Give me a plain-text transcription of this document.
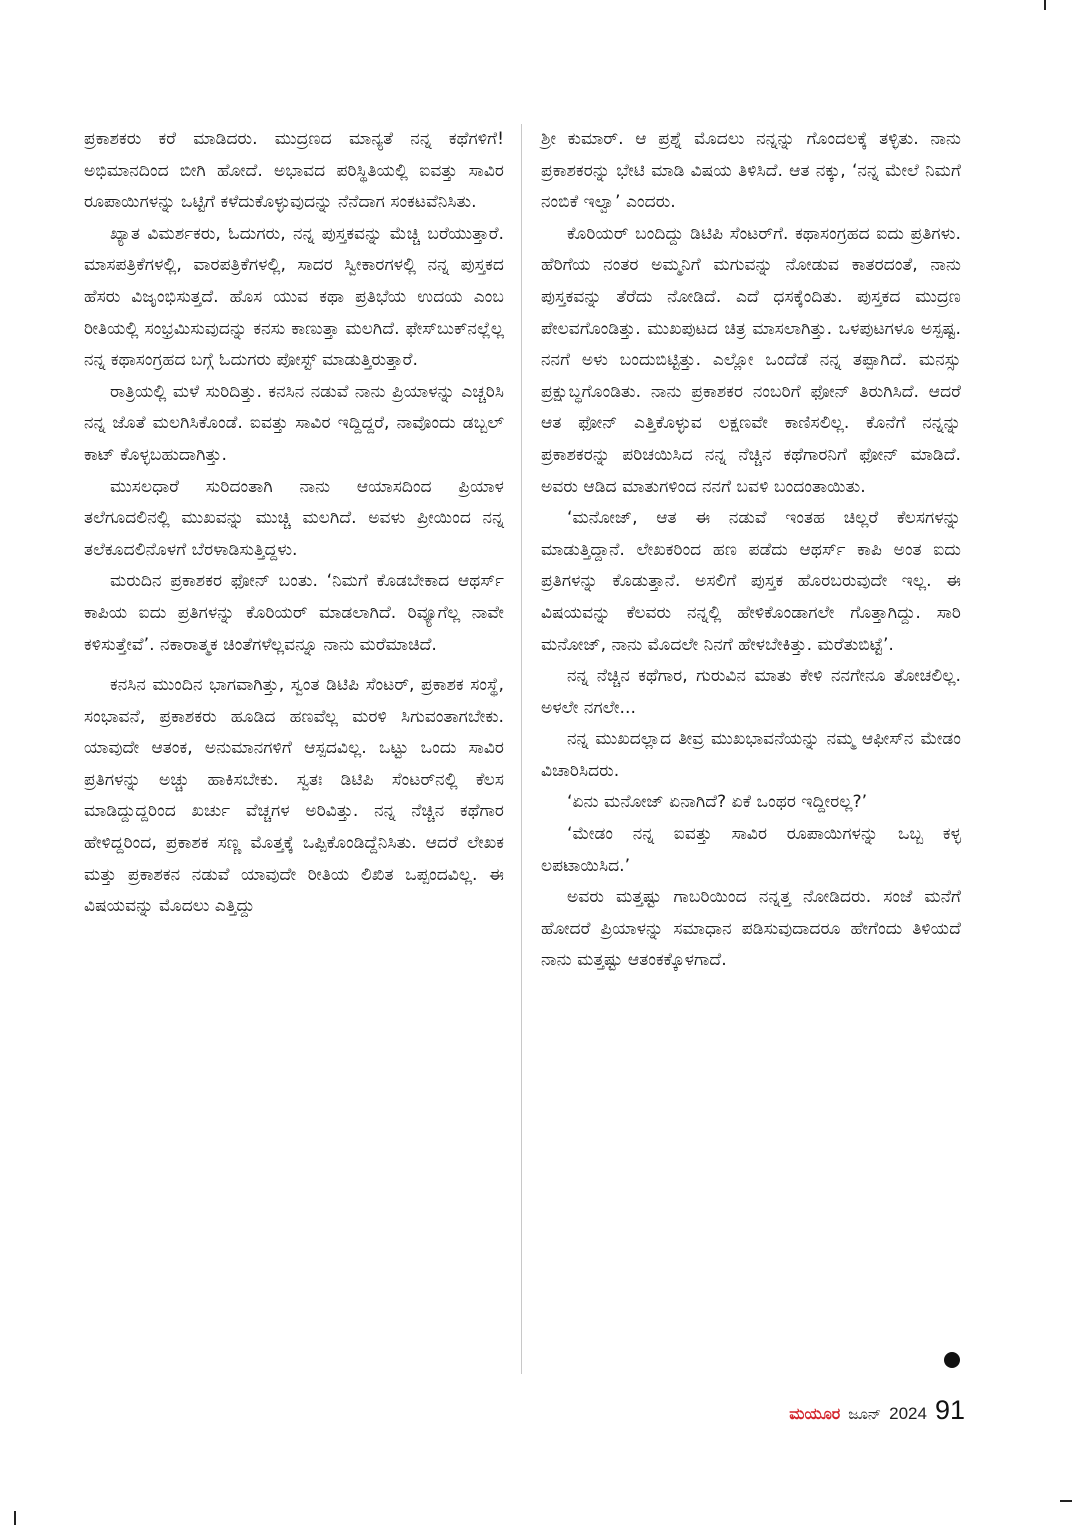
ಪ್ರಕಾಶಕರು ಕರೆ ಮಾಡಿದರು. ಮುದ್ರಣದ ಮಾನ್ಯತೆ ನನ್ನ ಕಥೆಗಳಿಗೆ! ಅಭಿಮಾನದಿಂದ ಬೀಗಿ ಹೋದೆ. ಅಭಾವದ ಪರಿಸ್ಥಿತಿಯಲ್ಲಿ ಐವತ್ತು ಸಾವಿರ ರೂಪಾಯಿಗಳನ್ನು ಒಟ್ಟಿಗೆ ಕಳೆದುಕೊಳ್ಳುವುದನ್ನು ನೆನೆದಾಗ ಸಂಕಟವೆನಿಸಿತು.

ಖ್ಯಾತ ವಿಮರ್ಶಕರು, ಓದುಗರು, ನನ್ನ ಪುಸ್ತಕವನ್ನು ಮೆಚ್ಚಿ ಬರೆಯುತ್ತಾರೆ. ಮಾಸಪತ್ರಿಕೆಗಳಲ್ಲಿ, ವಾರಪತ್ರಿಕೆಗಳಲ್ಲಿ, ಸಾದರ ಸ್ವೀಕಾರಗಳಲ್ಲಿ ನನ್ನ ಪುಸ್ತಕದ ಹೆಸರು ವಿಜೃಂಭಿಸುತ್ತದೆ. ಹೊಸ ಯುವ ಕಥಾ ಪ್ರತಿಭೆಯ ಉದಯ ಎಂಬ ರೀತಿಯಲ್ಲಿ ಸಂಭ್ರಮಿಸುವುದನ್ನು ಕನಸು ಕಾಣುತ್ತಾ ಮಲಗಿದೆ. ಫೇಸ್‌ಬುಕ್‌ನಲ್ಲೆಲ್ಲ ನನ್ನ ಕಥಾಸಂಗ್ರಹದ ಬಗ್ಗೆ ಓದುಗರು ಪೋಸ್ಟ್ ಮಾಡುತ್ತಿರುತ್ತಾರೆ.

ರಾತ್ರಿಯಲ್ಲಿ ಮಳೆ ಸುರಿದಿತ್ತು. ಕನಸಿನ ನಡುವೆ ನಾನು ಪ್ರಿಯಾಳನ್ನು ಎಚ್ಚರಿಸಿ ನನ್ನ ಜೊತೆ ಮಲಗಿಸಿಕೊಂಡೆ. ಐವತ್ತು ಸಾವಿರ ಇದ್ದಿದ್ದರೆ, ನಾವೊಂದು ಡಬ್ಬಲ್ ಕಾಟ್ ಕೊಳ್ಳಬಹುದಾಗಿತ್ತು.

ಮುಸಲಧಾರೆ ಸುರಿದಂತಾಗಿ ನಾನು ಆಯಾಸದಿಂದ ಪ್ರಿಯಾಳ ತಲೆಗೂದಲಿನಲ್ಲಿ ಮುಖವನ್ನು ಮುಚ್ಚಿ ಮಲಗಿದೆ. ಅವಳು ಪ್ರೀಯಿಂದ ನನ್ನ ತಲೆಕೂದಲಿನೊಳಗೆ ಬೆರಳಾಡಿಸುತ್ತಿದ್ದಳು.

ಮರುದಿನ ಪ್ರಕಾಶಕರ ಫೋನ್ ಬಂತು. ‘ನಿಮಗೆ ಕೊಡಬೇಕಾದ ಆಥರ್ಸ್ ಕಾಪಿಯ ಐದು ಪ್ರತಿಗಳನ್ನು ಕೊರಿಯರ್ ಮಾಡಲಾಗಿದೆ. ರಿವ್ಯೂಗೆಲ್ಲ ನಾವೇ ಕಳಿಸುತ್ತೇವೆ’. ನಕಾರಾತ್ಮಕ ಚಿಂತೆಗಳೆಲ್ಲವನ್ನೂ ನಾನು ಮರೆಮಾಚಿದೆ.

ಕನಸಿನ ಮುಂದಿನ ಭಾಗವಾಗಿತ್ತು, ಸ್ವಂತ ಡಿಟಿಪಿ ಸೆಂಟರ್, ಪ್ರಕಾಶಕ ಸಂಸ್ಥೆ, ಸಂಭಾವನೆ, ಪ್ರಕಾಶಕರು ಹೂಡಿದ ಹಣವೆಲ್ಲ ಮರಳಿ ಸಿಗುವಂತಾಗಬೇಕು. ಯಾವುದೇ ಆತಂಕ, ಅನುಮಾನಗಳಿಗೆ ಆಸ್ಪದವಿಲ್ಲ. ಒಟ್ಟು ಒಂದು ಸಾವಿರ ಪ್ರತಿಗಳನ್ನು ಅಚ್ಚು ಹಾಕಿಸಬೇಕು. ಸ್ವತಃ ಡಿಟಿಪಿ ಸೆಂಟರ್‌ನಲ್ಲಿ ಕೆಲಸ ಮಾಡಿದ್ದುದ್ದರಿಂದ ಖರ್ಚು ವೆಚ್ಚಗಳ ಅರಿವಿತ್ತು. ನನ್ನ ನೆಚ್ಚಿನ ಕಥೆಗಾರ ಹೇಳಿದ್ದರಿಂದ, ಪ್ರಕಾಶಕ ಸಣ್ಣ ಮೊತ್ತಕ್ಕೆ ಒಪ್ಪಿಕೊಂಡಿದ್ದೆನಿಸಿತು. ಆದರೆ ಲೇಖಕ ಮತ್ತು ಪ್ರಕಾಶಕನ ನಡುವೆ ಯಾವುದೇ ರೀತಿಯ ಲಿಖಿತ ಒಪ್ಪಂದವಿಲ್ಲ. ಈ ವಿಷಯವನ್ನು ಮೊದಲು ಎತ್ತಿದ್ದು

ಶ್ರೀ ಕುಮಾರ್. ಆ ಪ್ರಶ್ನೆ ಮೊದಲು ನನ್ನನ್ನು ಗೊಂದಲಕ್ಕೆ ತಳ್ಳಿತು. ನಾನು ಪ್ರಕಾಶಕರನ್ನು ಭೇಟಿ ಮಾಡಿ ವಿಷಯ ತಿಳಿಸಿದೆ. ಆತ ನಕ್ಕು, ‘ನನ್ನ ಮೇಲೆ ನಿಮಗೆ ನಂಬಿಕೆ ಇಲ್ವಾ’ ಎಂದರು.

ಕೊರಿಯರ್ ಬಂದಿದ್ದು ಡಿಟಿಪಿ ಸೆಂಟರ್‌ಗೆ. ಕಥಾಸಂಗ್ರಹದ ಐದು ಪ್ರತಿಗಳು. ಹೆರಿಗೆಯ ನಂತರ ಅಮ್ಮನಿಗೆ ಮಗುವನ್ನು ನೋಡುವ ಕಾತರದಂತೆ, ನಾನು ಪುಸ್ತಕವನ್ನು ತೆರೆದು ನೋಡಿದೆ. ಎದೆ ಧಸಕ್ಕೆಂದಿತು. ಪುಸ್ತಕದ ಮುದ್ರಣ ಪೇಲವಗೊಂಡಿತ್ತು. ಮುಖಪುಟದ ಚಿತ್ರ ಮಾಸಲಾಗಿತ್ತು. ಒಳಪುಟಗಳೂ ಅಸ್ಪಷ್ಟ. ನನಗೆ ಅಳು ಬಂದುಬಿಟ್ಟಿತ್ತು. ಎಲ್ಲೋ ಒಂದೆಡೆ ನನ್ನ ತಪ್ಪಾಗಿದೆ. ಮನಸ್ಸು ಪ್ರಕ್ಷುಬ್ಧಗೊಂಡಿತು. ನಾನು ಪ್ರಕಾಶಕರ ನಂಬರಿಗೆ ಫೋನ್ ತಿರುಗಿಸಿದೆ. ಆದರೆ ಆತ ಫೋನ್ ಎತ್ತಿಕೊಳ್ಳುವ ಲಕ್ಷಣವೇ ಕಾಣಿಸಲಿಲ್ಲ. ಕೊನೆಗೆ ನನ್ನನ್ನು ಪ್ರಕಾಶಕರನ್ನು ಪರಿಚಯಿಸಿದ ನನ್ನ ನೆಚ್ಚಿನ ಕಥೆಗಾರನಿಗೆ ಫೋನ್ ಮಾಡಿದೆ. ಅವರು ಆಡಿದ ಮಾತುಗಳಿಂದ ನನಗೆ ಬವಳಿ ಬಂದಂತಾಯಿತು.

‘ಮನೋಜ್, ಆತ ಈ ನಡುವೆ ಇಂತಹ ಚಿಲ್ಲರೆ ಕೆಲಸಗಳನ್ನು ಮಾಡುತ್ತಿದ್ದಾನೆ. ಲೇಖಕರಿಂದ ಹಣ ಪಡೆದು ಆಥರ್ಸ್ ಕಾಪಿ ಅಂತ ಐದು ಪ್ರತಿಗಳನ್ನು ಕೊಡುತ್ತಾನೆ. ಅಸಲಿಗೆ ಪುಸ್ತಕ ಹೊರಬರುವುದೇ ಇಲ್ಲ. ಈ ವಿಷಯವನ್ನು ಕೆಲವರು ನನ್ನಲ್ಲಿ ಹೇಳಿಕೊಂಡಾಗಲೇ ಗೊತ್ತಾಗಿದ್ದು. ಸಾರಿ ಮನೋಜ್, ನಾನು ಮೊದಲೇ ನಿನಗೆ ಹೇಳಬೇಕಿತ್ತು. ಮರೆತುಬಿಟ್ಟೆ’.

ನನ್ನ ನೆಚ್ಚಿನ ಕಥೆಗಾರ, ಗುರುವಿನ ಮಾತು ಕೇಳಿ ನನಗೇನೂ ತೋಚಲಿಲ್ಲ. ಅಳಲೇ ನಗಲೇ...

ನನ್ನ ಮುಖದಲ್ಲಾದ ತೀವ್ರ ಮುಖಭಾವನೆಯನ್ನು ನಮ್ಮ ಆಫೀಸ್‌ನ ಮೇಡಂ ವಿಚಾರಿಸಿದರು.

‘ಏನು ಮನೋಜ್ ಏನಾಗಿದೆ? ಏಕೆ ಒಂಥರ ಇದ್ದೀರಲ್ಲ?’

‘ಮೇಡಂ ನನ್ನ ಐವತ್ತು ಸಾವಿರ ರೂಪಾಯಿಗಳನ್ನು ಒಬ್ಬ ಕಳ್ಳ ಲಪಟಾಯಿಸಿದ.’

ಅವರು ಮತ್ತಷ್ಟು ಗಾಬರಿಯಿಂದ ನನ್ನತ್ತ ನೋಡಿದರು. ಸಂಜೆ ಮನೆಗೆ ಹೋದರೆ ಪ್ರಿಯಾಳನ್ನು ಸಮಾಧಾನ ಪಡಿಸುವುದಾದರೂ ಹೇಗೆಂದು ತಿಳಿಯದೆ ನಾನು ಮತ್ತಷ್ಟು ಆತಂಕಕ್ಕೊಳಗಾದೆ.

ಮಯೂರ ಜೂನ್ 2024 91
